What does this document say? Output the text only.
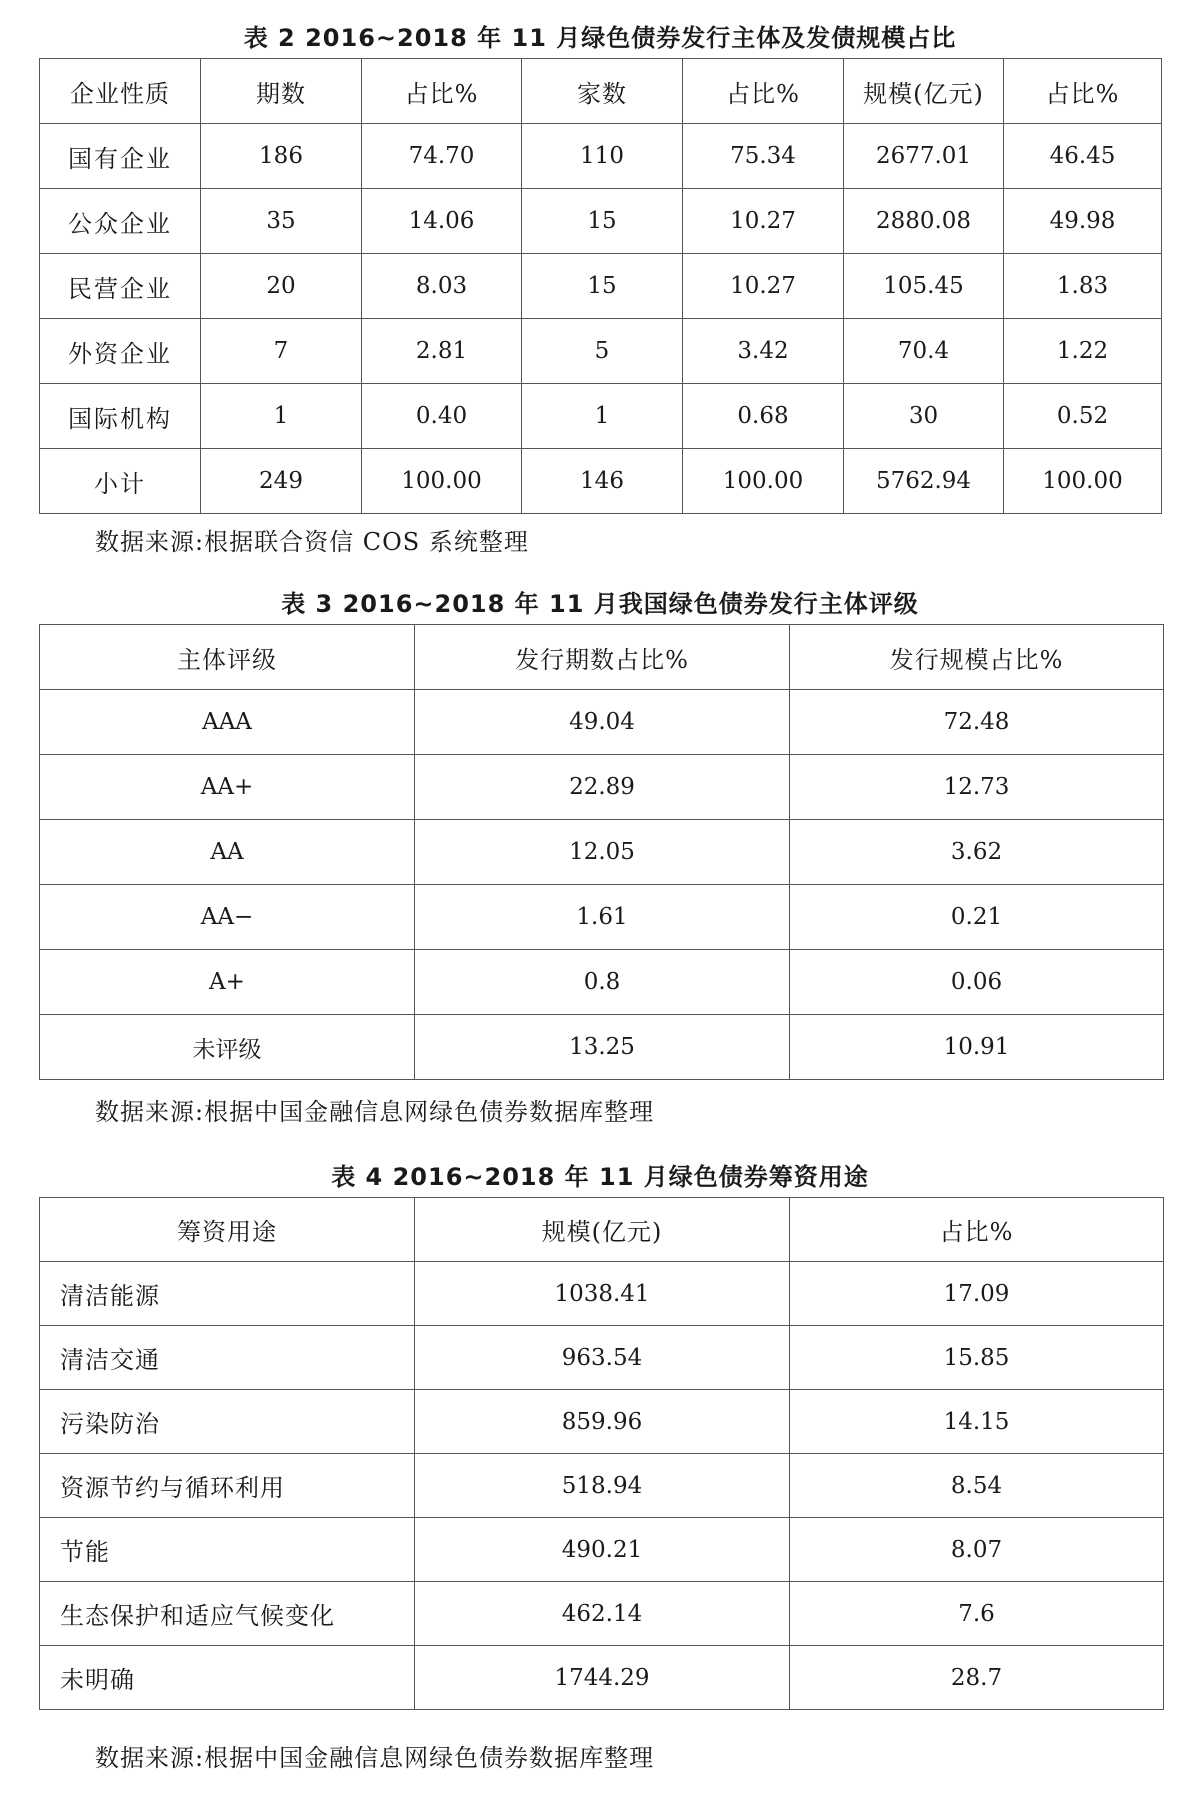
表 2 2016~2018 年 11 月绿色债券发行主体及发债规模占比
企业性质	期数	占比%	家数	占比%	规模(亿元)	占比%
国有企业	186	74.70	110	75.34	2677.01	46.45
公众企业	35	14.06	15	10.27	2880.08	49.98
民营企业	20	8.03	15	10.27	105.45	1.83
外资企业	7	2.81	5	3.42	70.4	1.22
国际机构	1	0.40	1	0.68	30	0.52
小计	249	100.00	146	100.00	5762.94	100.00
数据来源:根据联合资信 COS 系统整理
表 3 2016~2018 年 11 月我国绿色债券发行主体评级
主体评级	发行期数占比%	发行规模占比%
AAA	49.04	72.48
AA+	22.89	12.73
AA	12.05	3.62
AA−	1.61	0.21
A+	0.8	0.06
未评级	13.25	10.91
数据来源:根据中国金融信息网绿色债券数据库整理
表 4 2016~2018 年 11 月绿色债券筹资用途
筹资用途	规模(亿元)	占比%
清洁能源	1038.41	17.09
清洁交通	963.54	15.85
污染防治	859.96	14.15
资源节约与循环利用	518.94	8.54
节能	490.21	8.07
生态保护和适应气候变化	462.14	7.6
未明确	1744.29	28.7
数据来源:根据中国金融信息网绿色债券数据库整理
